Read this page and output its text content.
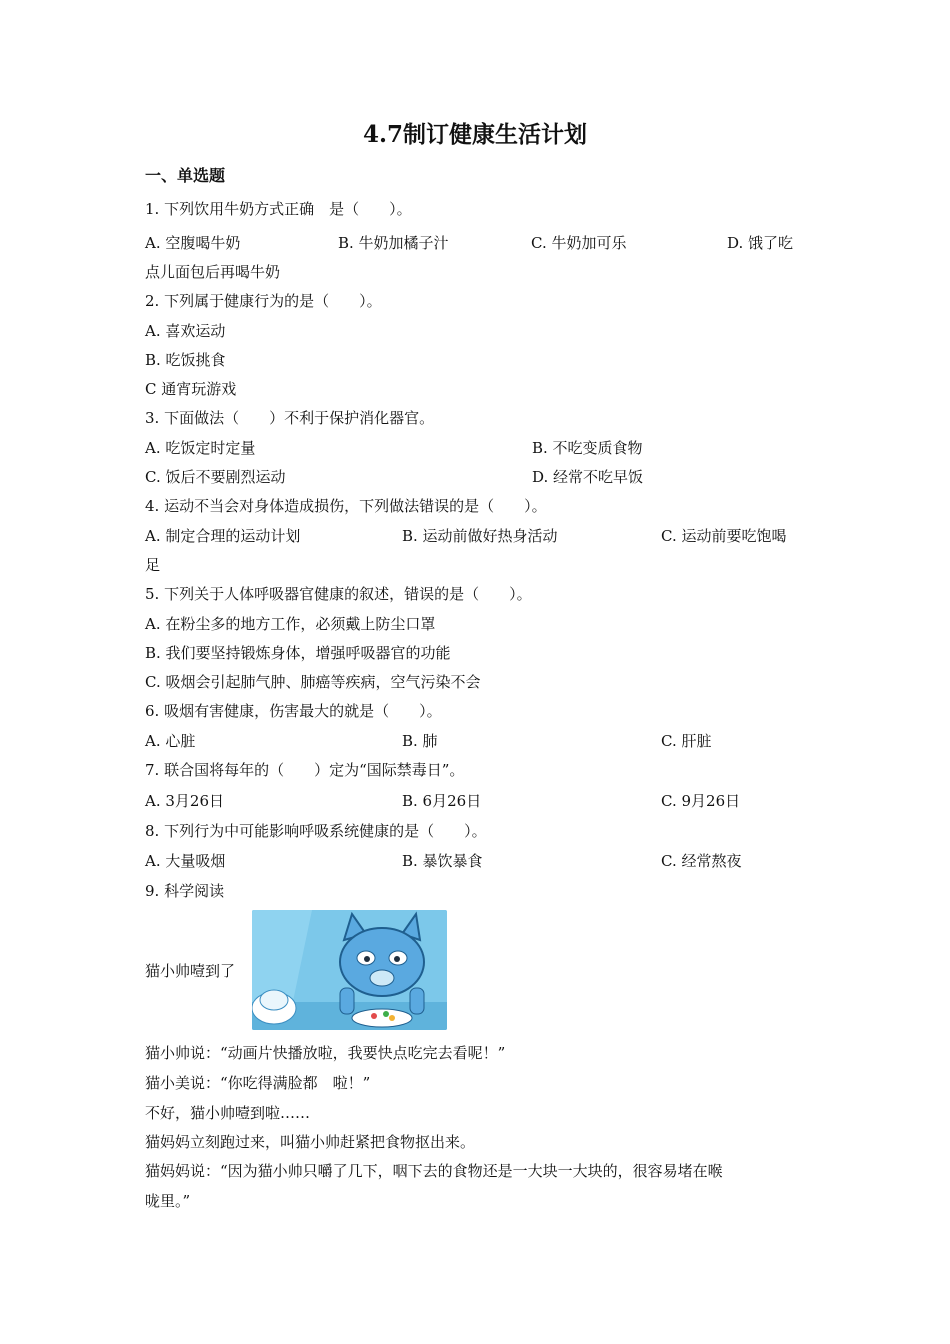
4.7制订健康生活计划
一、单选题
1. 下列饮用牛奶方式正确　是（　　）。
A. 空腹喝牛奶	B. 牛奶加橘子汁	C. 牛奶加可乐	D. 饿了吃
点儿面包后再喝牛奶
2. 下列属于健康行为的是（　　）。
A. 喜欢运动
B. 吃饭挑食
C 通宵玩游戏
3. 下面做法（　　）不利于保护消化器官。
A. 吃饭定时定量	B. 不吃变质食物
C. 饭后不要剧烈运动	D. 经常不吃早饭
4. 运动不当会对身体造成损伤，下列做法错误的是（　　）。
A. 制定合理的运动计划	B. 运动前做好热身活动	C. 运动前要吃饱喝
足
5. 下列关于人体呼吸器官健康的叙述，错误的是（　　）。
A. 在粉尘多的地方工作，必须戴上防尘口罩
B. 我们要坚持锻炼身体，增强呼吸器官的功能
C. 吸烟会引起肺气肿、肺癌等疾病，空气污染不会
6. 吸烟有害健康，伤害最大的就是（　　）。
A. 心脏	B. 肺	C. 肝脏
7. 联合国将每年的（　　）定为“国际禁毒日”。
A. 3月26日	B. 6月26日	C. 9月26日
8. 下列行为中可能影响呼吸系统健康的是（　　）。
A. 大量吸烟	B. 暴饮暴食	C. 经常熬夜
9. 科学阅读
猫小帅噎到了
猫小帅说：“动画片快播放啦，我要快点吃完去看呢！”
猫小美说：“你吃得满脸都　啦！”
不好，猫小帅噎到啦……
猫妈妈立刻跑过来，叫猫小帅赶紧把食物抠出来。
猫妈妈说：“因为猫小帅只嚼了几下，咽下去的食物还是一大块一大块的，很容易堵在喉
咙里。”
